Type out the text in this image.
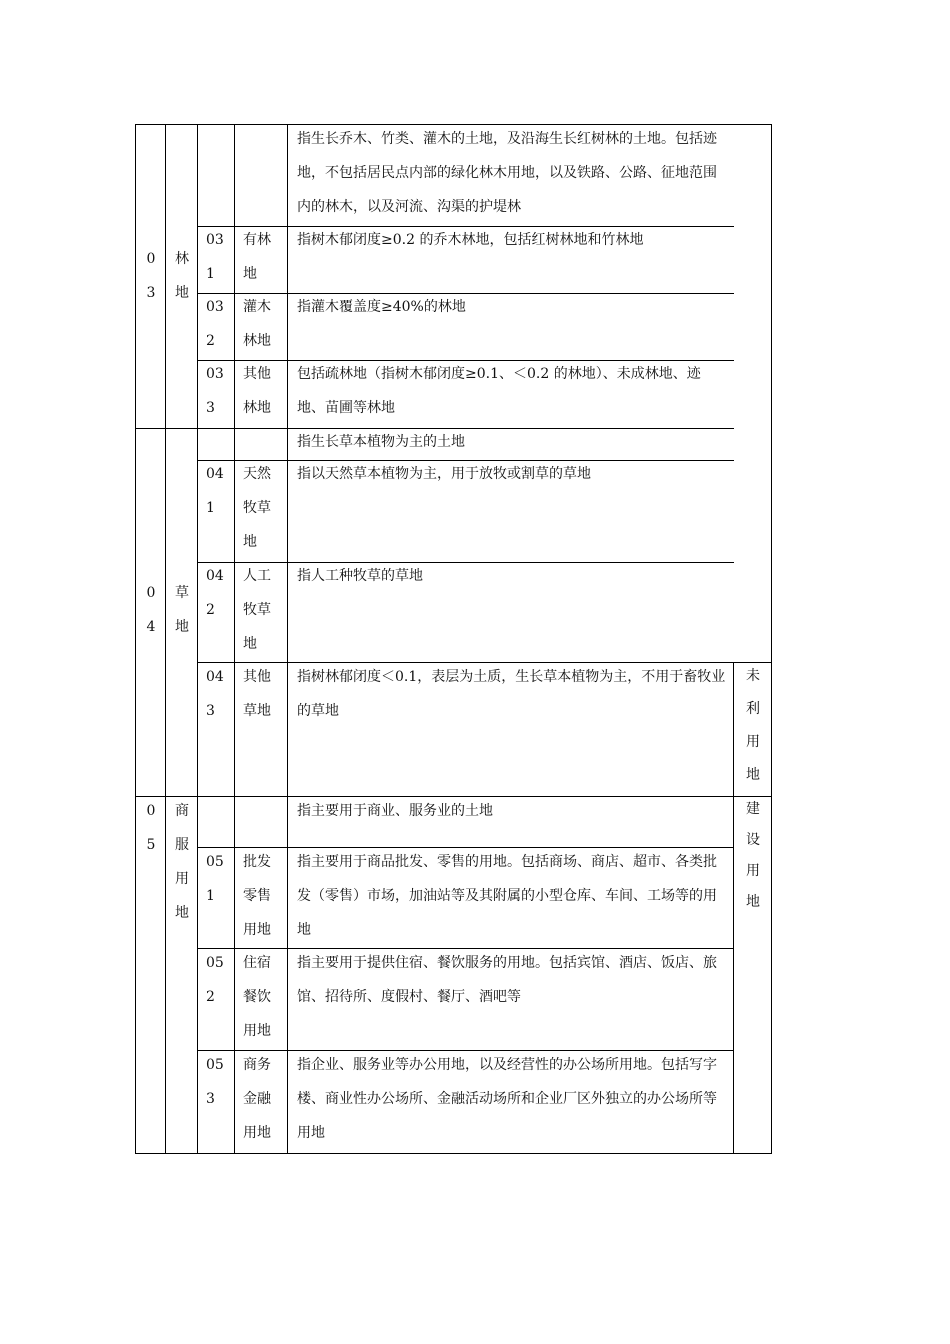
0
3
林
地
指生长乔木、竹类、灌木的土地，及沿海生长红树林的土地。包括迹地，不包括居民点内部的绿化林木用地，以及铁路、公路、征地范围内的林木，以及河流、沟渠的护堤林
03
1
有林
地
指树木郁闭度≥0.2 的乔木林地，包括红树林地和竹林地
03
2
灌木
林地
指灌木覆盖度≥40%的林地
03
3
其他
林地
包括疏林地（指树木郁闭度≥0.1、＜0.2 的林地）、未成林地、迹地、苗圃等林地
0
4
草
地
指生长草本植物为主的土地
04
1
天然
牧草
地
指以天然草本植物为主，用于放牧或割草的草地
04
2
人工
牧草
地
指人工种牧草的草地
04
3
其他
草地
指树林郁闭度＜0.1，表层为土质，生长草本植物为主，不用于畜牧业的草地
未
利
用
地
0
5
商
服
用
地
指主要用于商业、服务业的土地	建
设
用
地
05
1
批发
零售
用地
指主要用于商品批发、零售的用地。包括商场、商店、超市、各类批发（零售）市场，加油站等及其附属的小型仓库、车间、工场等的用地
05
2
住宿
餐饮
用地
指主要用于提供住宿、餐饮服务的用地。包括宾馆、酒店、饭店、旅馆、招待所、度假村、餐厅、酒吧等
05
3
商务
金融
用地
指企业、服务业等办公用地，以及经营性的办公场所用地。包括写字楼、商业性办公场所、金融活动场所和企业厂区外独立的办公场所等用地
